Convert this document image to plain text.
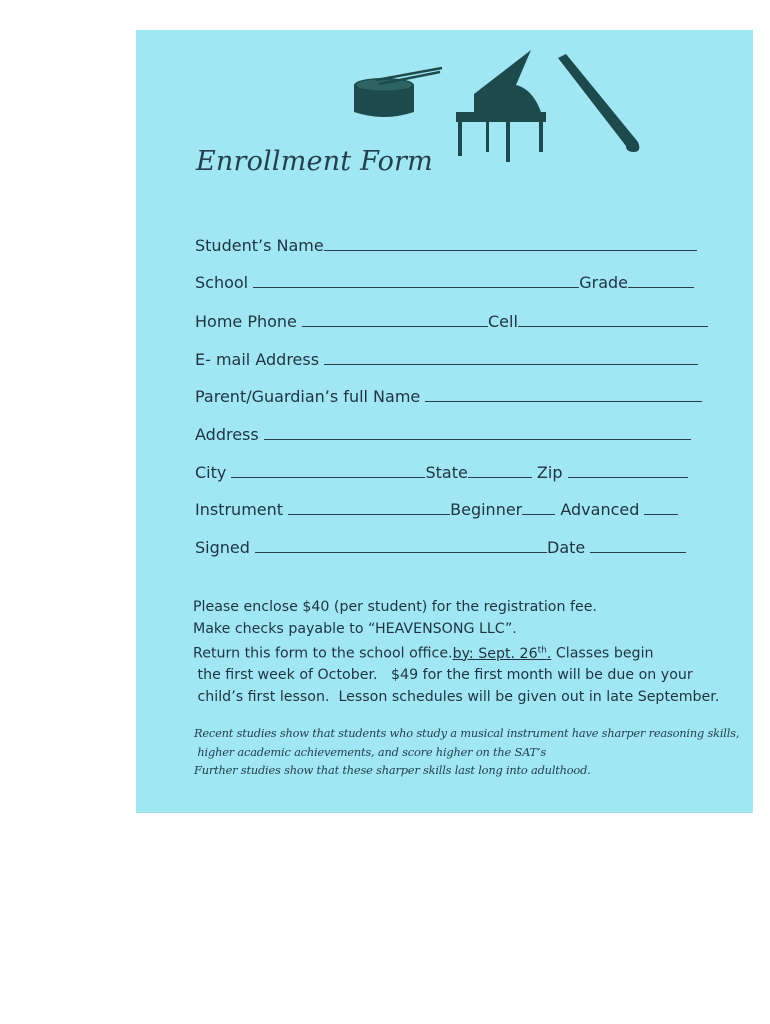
Enrollment Form
Student’s Name
School	Grade
Home Phone	Cell
E- mail Address
Parent/Guardian’s full Name
Address
City	State	Zip
Instrument	Beginner Advanced
Signed	Date
Please enclose $40 (per student) for the registration fee.
Make checks payable to “HEAVENSONG LLC”.
Return this form to the school office.by: Sept. 26th. Classes begin
the first week of October.   $49 for the first month will be due on your
child’s first lesson.  Lesson schedules will be given out in late September.
Recent studies show that students who study a musical instrument have sharper reasoning skills,
higher academic achievements, and score higher on the SAT’s
Further studies show that these sharper skills last long into adulthood.
